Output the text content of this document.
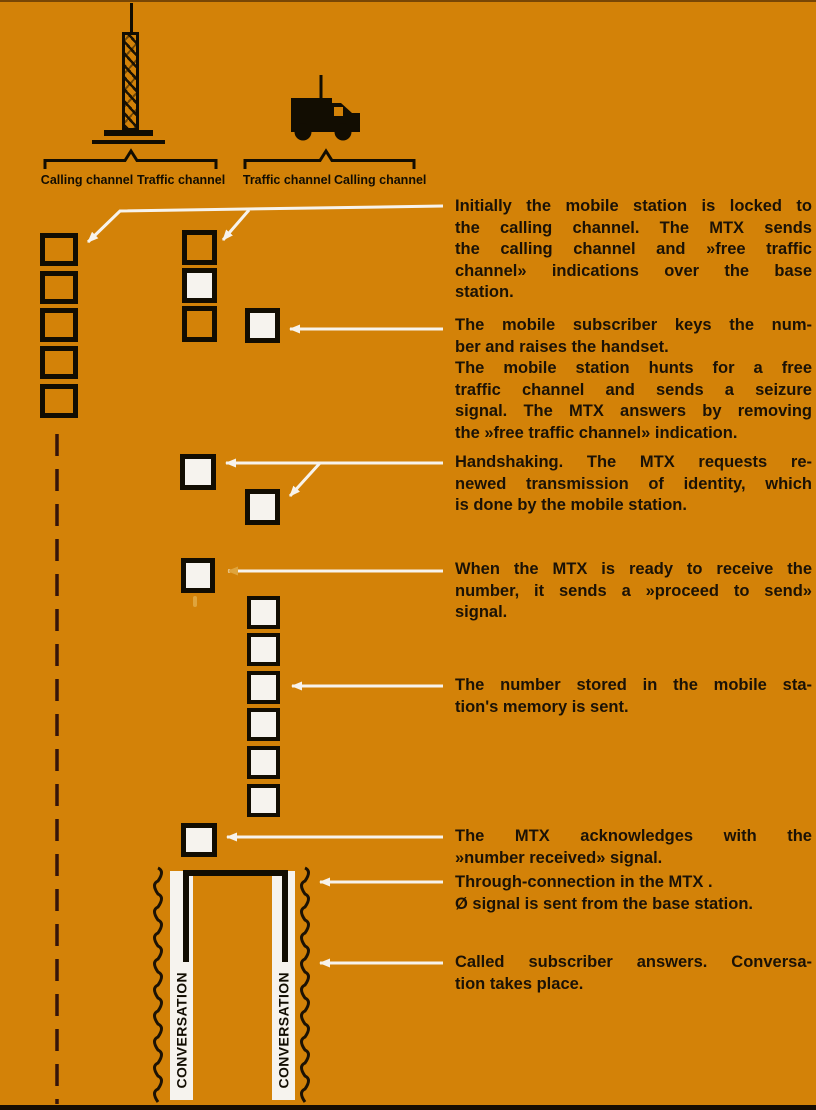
Calling channel Traffic channel Traffic channel Calling channel
CONVERSATION	CONVERSATION
Initially the mobile station is locked to
the calling channel. The MTX sends
the calling channel and »free traffic
channel» indications over the base
station.
The mobile subscriber keys the num-
ber and raises the handset.
The mobile station hunts for a free
traffic channel and sends a seizure
signal. The MTX answers by removing
the »free traffic channel» indication.
Handshaking. The MTX requests re-
newed transmission of identity, which
is done by the mobile station.
When the MTX is ready to receive the
number, it sends a »proceed to send»
signal.
The number stored in the mobile sta-
tion's memory is sent.
The MTX acknowledges with the
»number received» signal.
Through-connection in the MTX .
Ø signal is sent from the base station.
Called subscriber answers. Conversa-
tion takes place.
